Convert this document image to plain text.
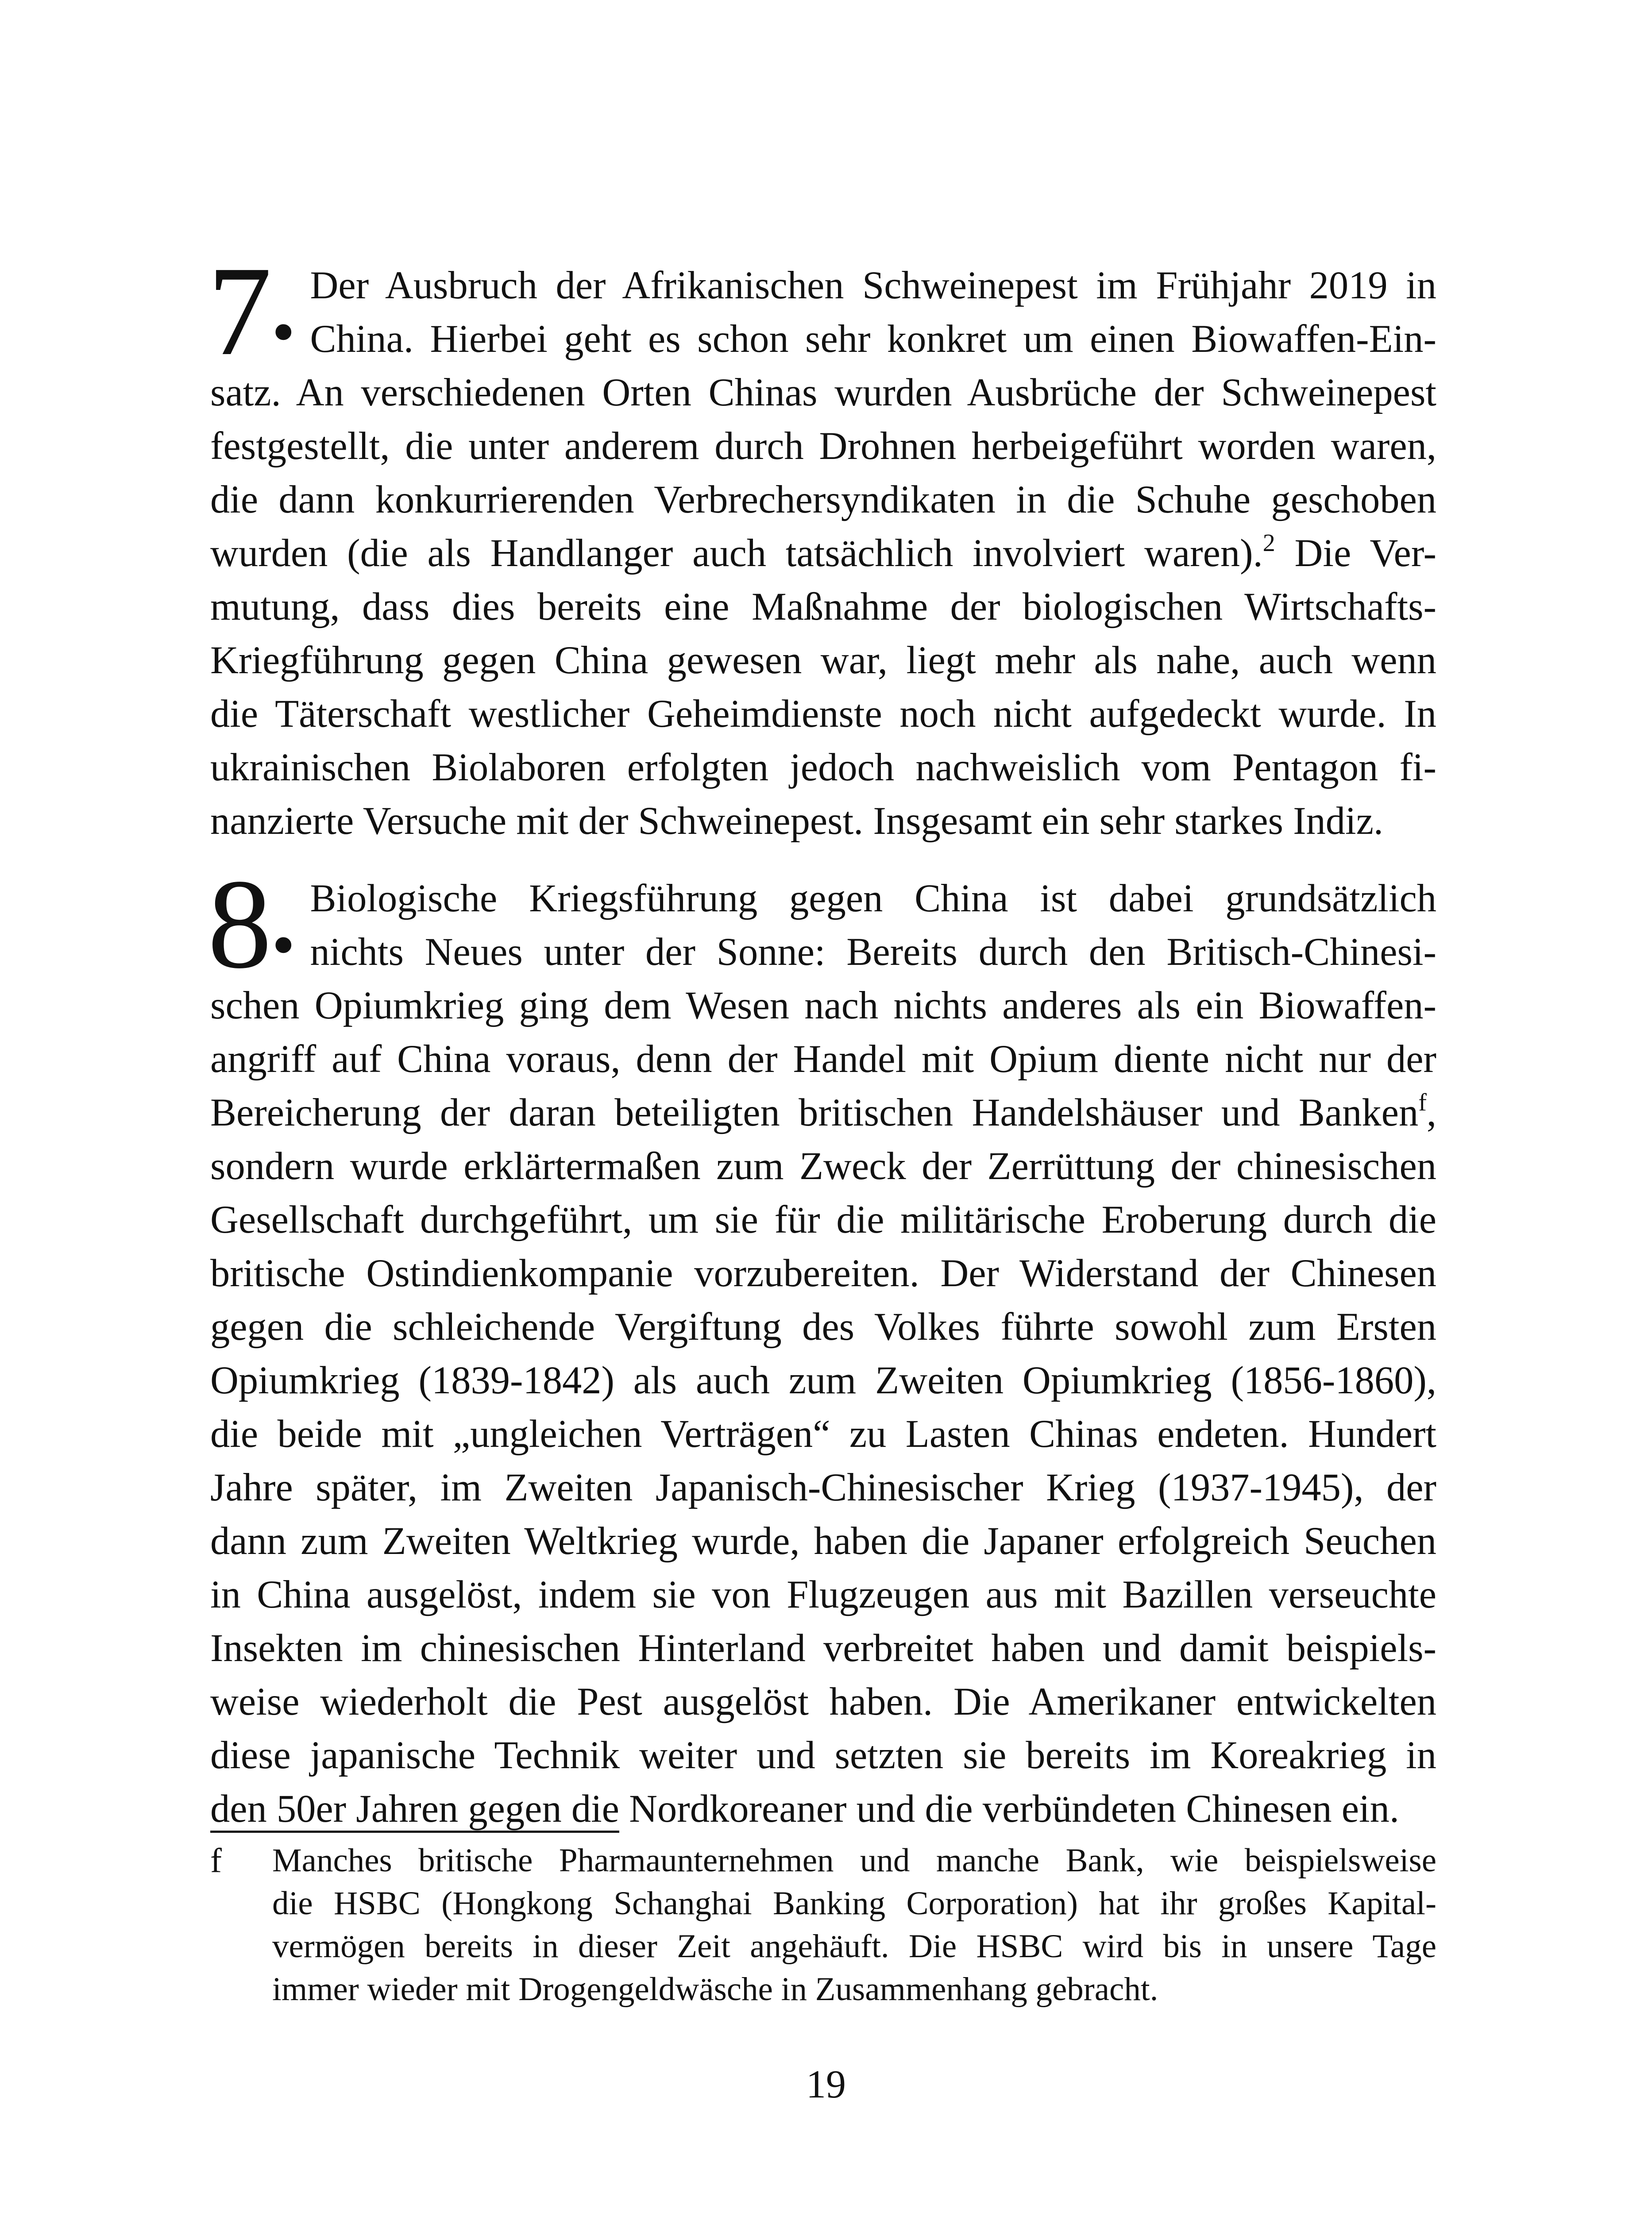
7•
Der Ausbruch der Afrikanischen Schweinepest im Frühjahr 2019 in
China. Hierbei geht es schon sehr konkret um einen Biowaffen-Ein-
satz. An verschiedenen Orten Chinas wurden Ausbrüche der Schweinepest
festgestellt, die unter anderem durch Drohnen herbeigeführt worden waren,
die dann konkurrierenden Verbrechersyndikaten in die Schuhe geschoben
wurden (die als Handlanger auch tatsächlich involviert waren).$^2$ Die Ver-
mutung, dass dies bereits eine Maßnahme der biologischen Wirtschafts-
Kriegführung gegen China gewesen war, liegt mehr als nahe, auch wenn
die Täterschaft westlicher Geheimdienste noch nicht aufgedeckt wurde. In
ukrainischen Biolaboren erfolgten jedoch nachweislich vom Pentagon fi-
nanzierte Versuche mit der Schweinepest. Insgesamt ein sehr starkes Indiz.
8•
Biologische Kriegsführung gegen China ist dabei grundsätzlich
nichts Neues unter der Sonne: Bereits durch den Britisch-Chinesi-
schen Opiumkrieg ging dem Wesen nach nichts anderes als ein Biowaffen-
angriff auf China voraus, denn der Handel mit Opium diente nicht nur der
Bereicherung der daran beteiligten britischen Handelshäuser und Banken$^f$,
sondern wurde erklärtermaßen zum Zweck der Zerrüttung der chinesischen
Gesellschaft durchgeführt, um sie für die militärische Eroberung durch die
britische Ostindienkompanie vorzubereiten. Der Widerstand der Chinesen
gegen die schleichende Vergiftung des Volkes führte sowohl zum Ersten
Opiumkrieg (1839-1842) als auch zum Zweiten Opiumkrieg (1856-1860),
die beide mit „ungleichen Verträgen“ zu Lasten Chinas endeten. Hundert
Jahre später, im Zweiten Japanisch-Chinesischer Krieg (1937-1945), der
dann zum Zweiten Weltkrieg wurde, haben die Japaner erfolgreich Seuchen
in China ausgelöst, indem sie von Flugzeugen aus mit Bazillen verseuchte
Insekten im chinesischen Hinterland verbreitet haben und damit beispiels-
weise wiederholt die Pest ausgelöst haben. Die Amerikaner entwickelten
diese japanische Technik weiter und setzten sie bereits im Koreakrieg in
den 50er Jahren gegen die Nordkoreaner und die verbündeten Chinesen ein.
f Manches britische Pharmaunternehmen und manche Bank, wie beispielsweise
die HSBC (Hongkong Schanghai Banking Corporation) hat ihr großes Kapital-
vermögen bereits in dieser Zeit angehäuft. Die HSBC wird bis in unsere Tage
immer wieder mit Drogengeldwäsche in Zusammenhang gebracht.
19
